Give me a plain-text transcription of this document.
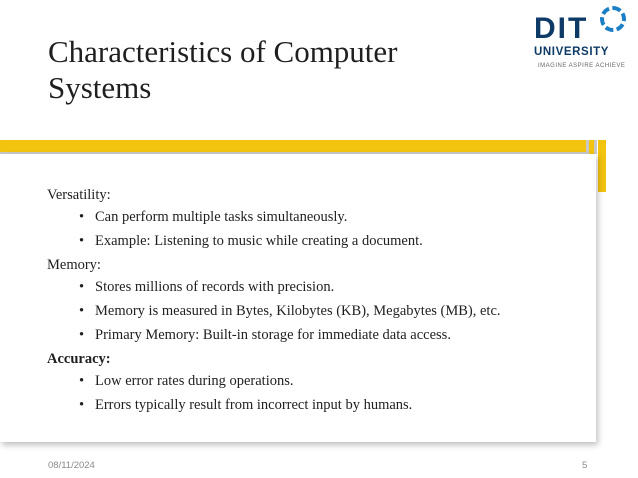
Characteristics of Computer
Systems
DIT
UNIVERSITY
IMAGINE ASPIRE ACHIEVE

Versatility:

• Can perform multiple tasks simultaneously.
• Example: Listening to music while creating a document.

Memory:

• Stores millions of records with precision.
• Memory is measured in Bytes, Kilobytes (KB), Megabytes (MB), etc.
• Primary Memory: Built-in storage for immediate data access.

Accuracy:

• Low error rates during operations.
• Errors typically result from incorrect input by humans.
08/11/2024	5
